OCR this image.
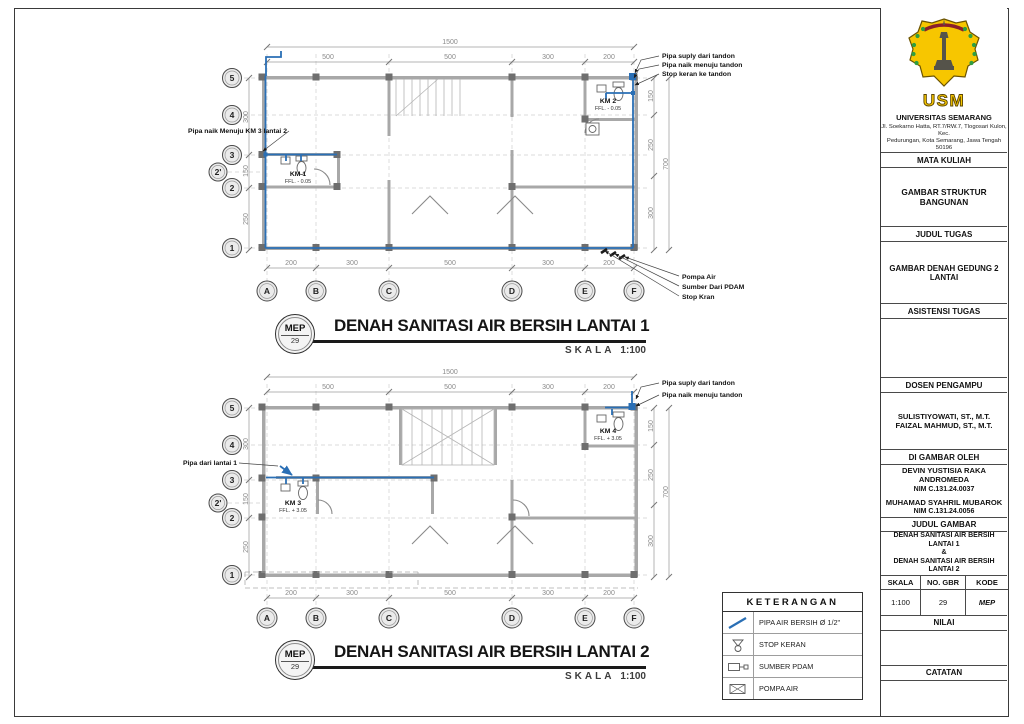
1500
500	500	300	200
200	300	500	300	200
300
150
250
150
250
300
700
Pipa naik Menuju KM 3 lantai 2
Pipa suply dari tandon
Pipa naik menuju tandon
Stop keran ke tandon
Pompa Air
Sumber Dari PDAM
Stop Kran
KM 1
FFL. - 0.05
KM 2
FFL. - 0.05
5
4
3
2'
2
1
A	B	C	D	E	F
MEP
29
DENAH SANITASI AIR BERSIH LANTAI 1
SKALA 1:100
1500
500	500	300	200
200	300	500	300	200
300
150
250
150
250
300
700
Pipa dari lantai 1
Pipa suply dari tandon
Pipa naik menuju tandon
KM 3
FFL. + 3.05
KM 4
FFL. + 3.05
5
4
3
2'
2
1
A	B	C	D	E	F
MEP
29
DENAH SANITASI AIR BERSIH LANTAI 2
SKALA 1:100
KETERANGAN
PIPA AIR BERSIH Ø 1/2"
STOP KERAN
SUMBER PDAM
POMPA AIR
USM
UNIVERSITAS SEMARANG
Jl. Soekarno Hatta, RT.7/RW.7, Tlogosari Kulon, Kec.
Pedurungan, Kota Semarang, Jawa Tengah 50196
MATA KULIAH
GAMBAR STRUKTUR BANGUNAN
JUDUL TUGAS
GAMBAR DENAH GEDUNG 2 LANTAI
ASISTENSI TUGAS
DOSEN PENGAMPU
SULISTIYOWATI, ST., M.T.
FAIZAL MAHMUD, ST., M.T.
DI GAMBAR OLEH
DEVIN YUSTISIA RAKA ANDROMEDA
NIM C.131.24.0037
MUHAMAD SYAHRIL MUBAROK
NIM C.131.24.0056
JUDUL GAMBAR
DENAH SANITASI AIR BERSIH
LANTAI 1
&
DENAH SANITASI AIR BERSIH
LANTAI 2
SKALA	NO. GBR	KODE
1:100	29	MEP
NILAI
CATATAN
